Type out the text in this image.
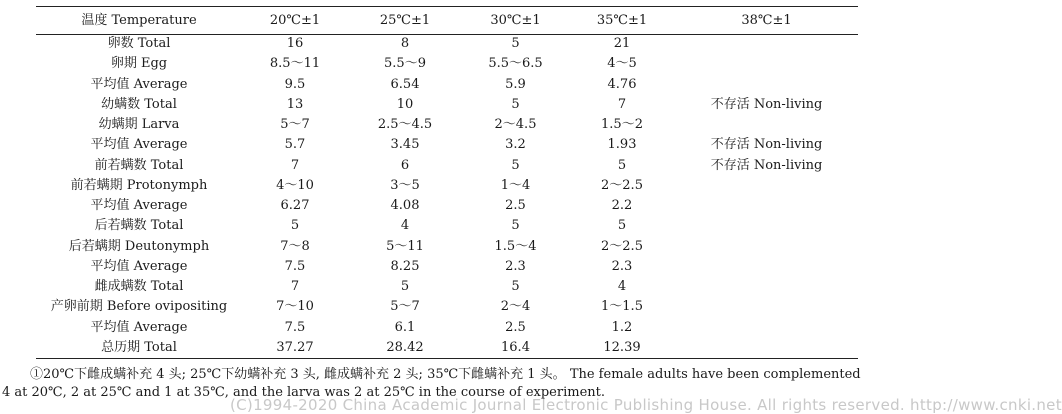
温度 Temperature	20℃±1	25℃±1	30℃±1	35℃±1	38℃±1
卵数 Total	16	8	5	21	
卵期 Egg	8.5～11	5.5～9	5.5～6.5	4～5	
平均值 Average	9.5	6.54	5.9	4.76	
幼螨数 Total	13	10	5	7	不存活 Non-living
幼螨期 Larva	5～7	2.5～4.5	2～4.5	1.5～2	
平均值 Average	5.7	3.45	3.2	1.93	不存活 Non-living
前若螨数 Total	7	6	5	5	不存活 Non-living
前若螨期 Protonymph	4～10	3～5	1～4	2～2.5	
平均值 Average	6.27	4.08	2.5	2.2	
后若螨数 Total	5	4	5	5	
后若螨期 Deutonymph	7～8	5～11	1.5～4	2～2.5	
平均值 Average	7.5	8.25	2.3	2.3	
雌成螨数 Total	7	5	5	4	
产卵前期 Before ovipositing	7～10	5～7	2～4	1～1.5	
平均值 Average	7.5	6.1	2.5	1.2	
总历期 Total	37.27	28.42	16.4	12.39	
①20℃下雌成螨补充 4 头; 25℃下幼螨补充 3 头, 雌成螨补充 2 头; 35℃下雌螨补充 1 头。 The female adults have been complemented
4 at 20℃, 2 at 25℃ and 1 at 35℃, and the larva was 2 at 25℃ in the course of experiment.
(C)1994-2020 China Academic Journal Electronic Publishing House. All rights reserved. http://www.cnki.net
